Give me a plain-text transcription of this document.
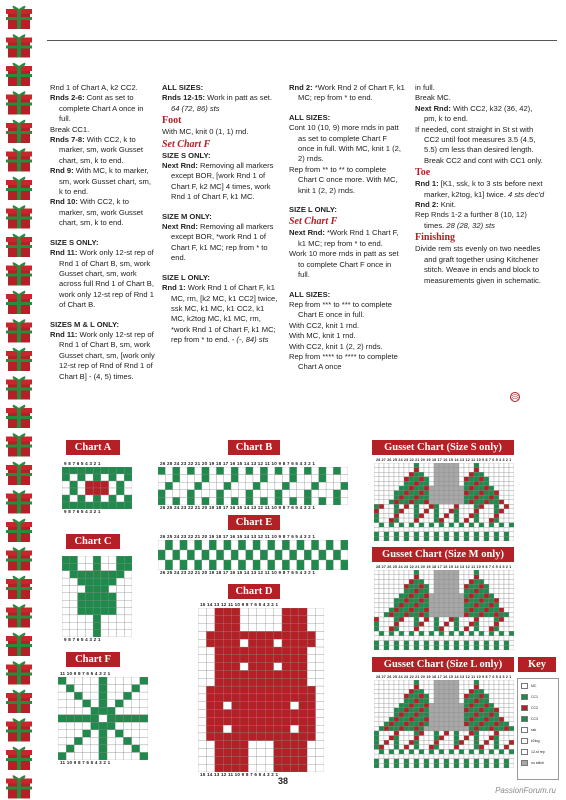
Rnd 1 of Chart A, k2 CC2.

Rnds 2-6: Cont as set to complete Chart A once in full.

Break CC1.

Rnds 7-8: With CC2, k to marker, sm, work Gusset chart, sm, k to end.

Rnd 9: With MC, k to marker, sm, work Gusset chart, sm, k to end.

Rnd 10: With CC2, k to marker, sm, work Gusset chart, sm, k to end.

SIZE S ONLY:

Rnd 11: Work only 12-st rep of Rnd 1 of Chart B, sm, work Gusset chart, sm, work across full Rnd 1 of Chart B, work only 12-st rep of Rnd 1 of Chart B.

SIZES M & L ONLY:

Rnd 11: Work only 12-st rep of Rnd 1 of Chart B, sm, work Gusset chart, sm, [work only 12-st rep of Rnd of Rnd 1 of Chart B] - (4, 5) times.

ALL SIZES:

Rnds 12-15: Work in patt as set. 64 (72, 86) sts

Foot

With MC, knit 0 (1, 1) rnd.

Set Chart F

SIZE S ONLY:

Next Rnd: Removing all markers except BOR, [work Rnd 1 of Chart F, k2 MC] 4 times, work Rnd 1 of Chart F, k1 MC.

SIZE M ONLY:

Next Rnd: Removing all markers except BOR, *work Rnd 1 of Chart F, k1 MC; rep from * to end.

SIZE L ONLY:

Rnd 1: Work Rnd 1 of Chart F, k1 MC, rm, [k2 MC, k1 CC2] twice, ssk MC, k1 MC, k1 CC2, k1 MC, k2tog MC, k1 MC, rm, *work Rnd 1 of Chart F, k1 MC; rep from * to end. - (-, 84) sts

Rnd 2: *Work Rnd 2 of Chart F, k1 MC; rep from * to end.

ALL SIZES:

Cont 10 (10, 9) more rnds in patt as set to complete Chart F once in full. With MC, knit 1 (2, 2) rnds.

Rep from ** to ** to complete Chart C once more. With MC, knit 1 (2, 2) rnds.

SIZE L ONLY:

Set Chart F

Next Rnd: *Work Rnd 1 Chart F, k1 MC; rep from * to end.

Work 10 more rnds in patt as set to complete Chart F once in full.

ALL SIZES:

Rep from *** to *** to complete Chart E once in full.

With CC2, knit 1 rnd.

With MC, knit 1 rnd.

With CC2, knit 1 (2, 2) rnds.

Rep from **** to **** to complete Chart A once

in full.

Break MC.

Next Rnd: With CC2, k32 (36, 42), pm, k to end.

If needed, cont straight in St st with CC2 until foot measures 3.5 (4.5, 5.5) cm less than desired length. Break CC2 and cont with CC1 only.

Toe

Rnd 1: [K1, ssk, k to 3 sts before next marker, k2tog, k1] twice. 4 sts dec'd

Rnd 2: Knit.

Rep Rnds 1-2 a further 8 (10, 12) times. 28 (28, 32) sts

Finishing

Divide rem sts evenly on two needles and graft together using Kitchener stitch. Weave in ends and block to measurements given in schematic.

Chart A	Chart B
Chart C
Chart E
Chart D
Chart F
Gusset Chart (Size S only)
Gusset Chart (Size M only)
Gusset Chart (Size L only)	Key
9 8 7 6 5 4 3 2 1
9 8 7 6 5 4 3 2 1
26 25 24 23 22 21 20 19 18 17 16 15 14 13 12 11 10 9 8 7 6 5 4 3 2 1
26 25 24 23 22 21 20 19 18 17 16 15 14 13 12 11 10 9 8 7 6 5 4 3 2 1
26 25 24 23 22 21 20 19 18 17 16 15 14 13 12 11 10 9 8 7 6 5 4 3 2 1
26 25 24 23 22 21 20 19 18 17 16 15 14 13 12 11 10 9 8 7 6 5 4 3 2 1
9 8 7 6 5 4 3 2 1
15 14 13 12 11 10 9 8 7 6 5 4 3 2 1
15 14 13 12 11 10 9 8 7 6 5 4 3 2 1
11 10 9 8 7 6 5 4 3 2 1
11 10 9 8 7 6 5 4 3 2 1
28 27 26 25 24 23 22 21 20 19 18 17 16 15 14 13 12 11 10 9 8 7 6 5 4 3 2 1
28 27 26 25 24 23 22 21 20 19 18 17 16 15 14 13 12 11 10 9 8 7 6 5 4 3 2 1
28 27 26 25 24 23 22 21 20 19 18 17 16 15 14 13 12 11 10 9 8 7 6 5 4 3 2 1
MC
CC1
CC2
CC3
ssk
k2tog
12-st rep
no stitch
38
PassionForum.ru
